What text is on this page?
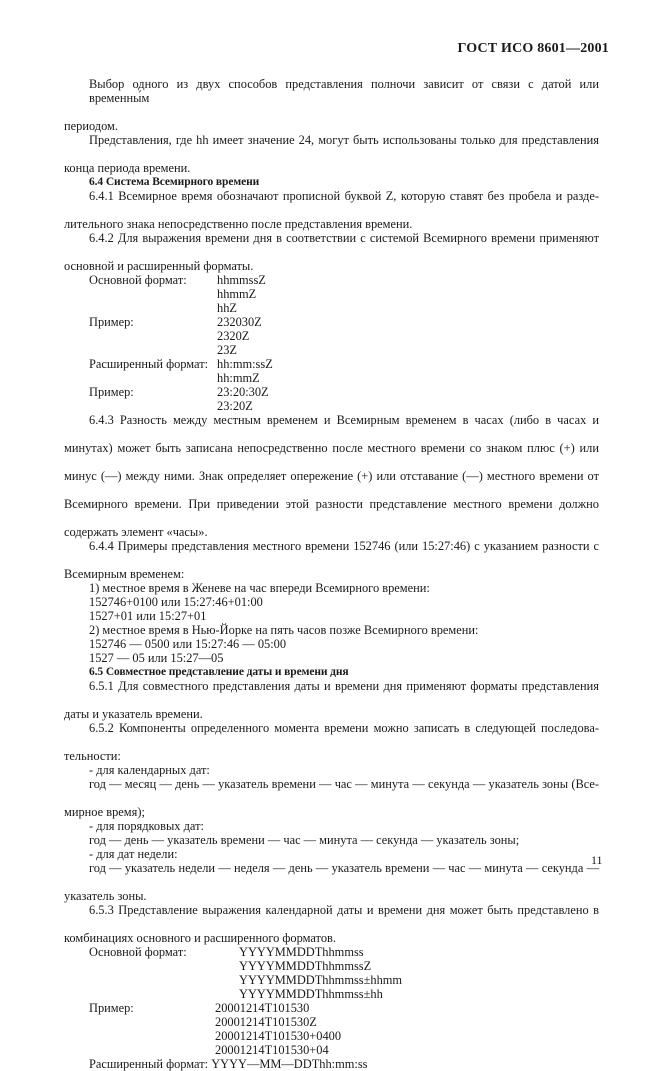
ГОСТ ИСО 8601—2001
Выбор одного из двух способов представления полночи зависит от связи с датой или временны́м
периодом.
Представления, где hh имеет значение 24, могут быть использованы только для представления
конца периода времени.
6.4 Система Всемирного времени
6.4.1 Всемирное время обозначают прописной буквой Z, которую ставят без пробела и разде-
лительного знака непосредственно после представления времени.
6.4.2 Для выражения времени дня в соответствии с системой Всемирного времени применяют
основной и расширенный форматы.
Основной формат: hhmmssZ
hhmmZ
hhZ
Пример:	232030Z
2320Z
23Z
Расширенный формат: hh:mm:ssZ
hh:mmZ
Пример:	23:20:30Z
23:20Z
6.4.3 Разность между местным временем и Всемирным временем в часах (либо в часах и
минутах) может быть записана непосредственно после местного времени со знаком плюс (+) или
минус (—) между ними. Знак определяет опережение (+) или отставание (—) местного времени от
Всемирного времени. При приведении этой разности представление местного времени должно
содержать элемент «часы».
6.4.4 Примеры представления местного времени 152746 (или 15:27:46) с указанием разности с
Всемирным временем:
1) местное время в Женеве на час впереди Всемирного времени:
152746+0100 или 15:27:46+01:00
1527+01 или 15:27+01
2) местное время в Нью-Йорке на пять часов позже Всемирного времени:
152746 — 0500 или 15:27:46 — 05:00
1527 — 05 или 15:27—05
6.5 Совместное представление даты и времени дня
6.5.1 Для совместного представления даты и времени дня применяют форматы представления
даты и указатель времени.
6.5.2 Компоненты определенного момента времени можно записать в следующей последова-
тельности:
- для календарных дат:
год — месяц — день — указатель времени — час — минута — секунда — указатель зоны (Все-
мирное время);
- для порядковых дат:
год — день — указатель времени — час — минута — секунда — указатель зоны;
- для дат недели:
год — указатель недели — неделя — день — указатель времени — час — минута — секунда —
указатель зоны.
6.5.3 Представление выражения календарной даты и времени дня может быть представлено в
комбинациях основного и расширенного форматов.
Основной формат:	YYYYMMDDThhmmss
YYYYMMDDThhmmssZ
YYYYMMDDThhmmss±hhmm
YYYYMMDDThhmmss±hh
Пример:	20001214T101530
20001214T101530Z
20001214T101530+0400
20001214T101530+04
Расширенный формат: YYYY—MM—DDThh:mm:ss
11
